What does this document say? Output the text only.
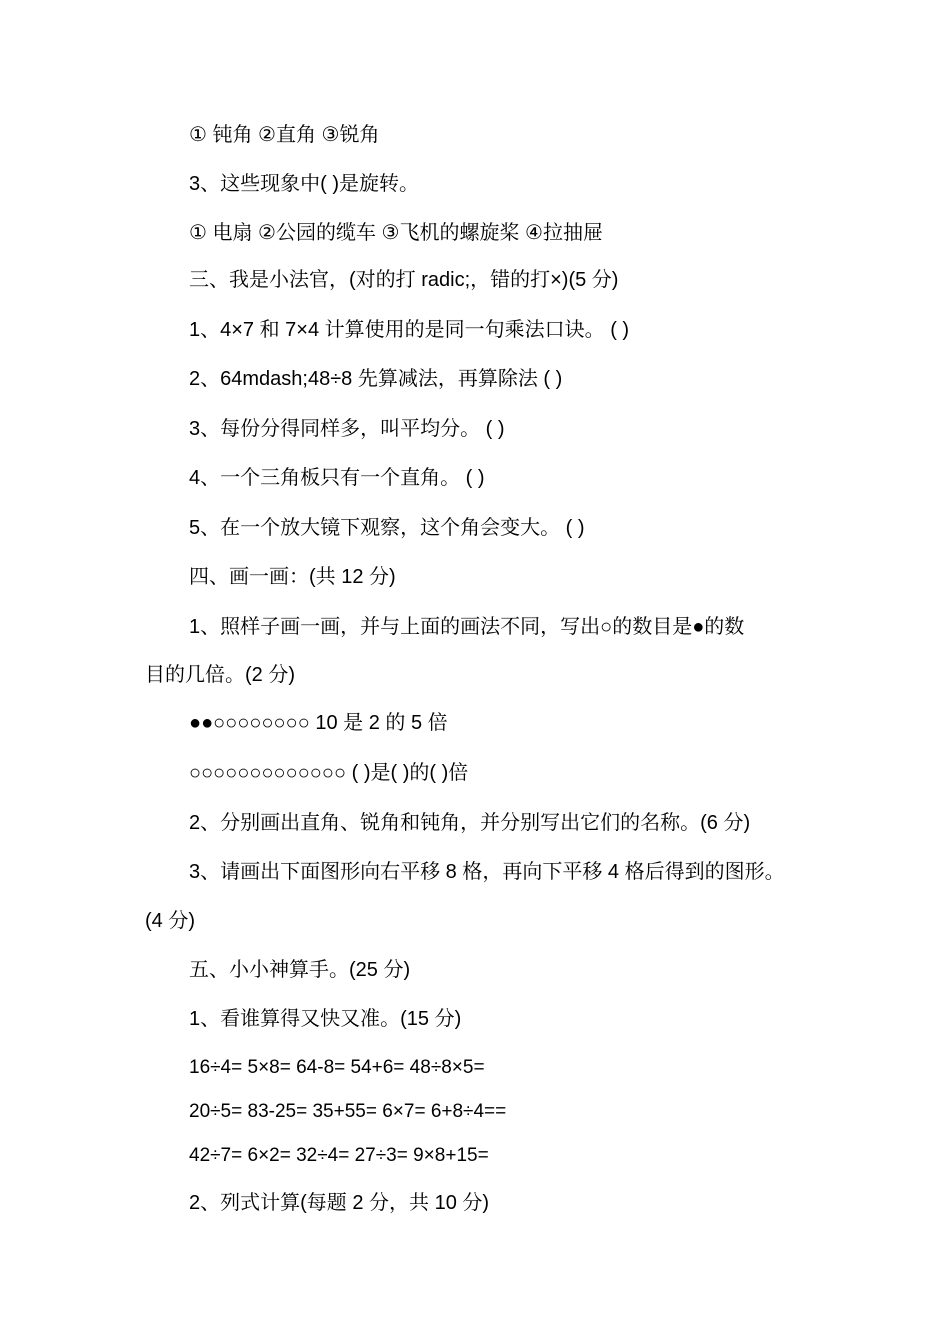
① 钝角 ②直角 ③锐角
3、这些现象中( )是旋转。
① 电扇 ②公园的缆车 ③飞机的螺旋桨 ④拉抽屉
三、我是小法官，(对的打 radic;，错的打×)(5 分)
1、4×7 和 7×4 计算使用的是同一句乘法口诀。 ( )
2、64mdash;48÷8 先算减法，再算除法 ( )
3、每份分得同样多，叫平均分。 ( )
4、一个三角板只有一个直角。 ( )
5、在一个放大镜下观察，这个角会变大。 ( )
四、画一画：(共 12 分)
1、照样子画一画，并与上面的画法不同，写出○的数目是●的数
目的几倍。(2 分)
●●○○○○○○○○ 10 是 2 的 5 倍
○○○○○○○○○○○○○ ( )是( )的( )倍
2、分别画出直角、锐角和钝角，并分别写出它们的名称。(6 分)
3、请画出下面图形向右平移 8 格，再向下平移 4 格后得到的图形。
(4 分)
五、小小神算手。(25 分)
1、看谁算得又快又准。(15 分)
16÷4= 5×8= 64-8= 54+6= 48÷8×5=
20÷5= 83-25= 35+55= 6×7= 6+8÷4==
42÷7= 6×2= 32÷4= 27÷3= 9×8+15=
2、列式计算(每题 2 分，共 10 分)
